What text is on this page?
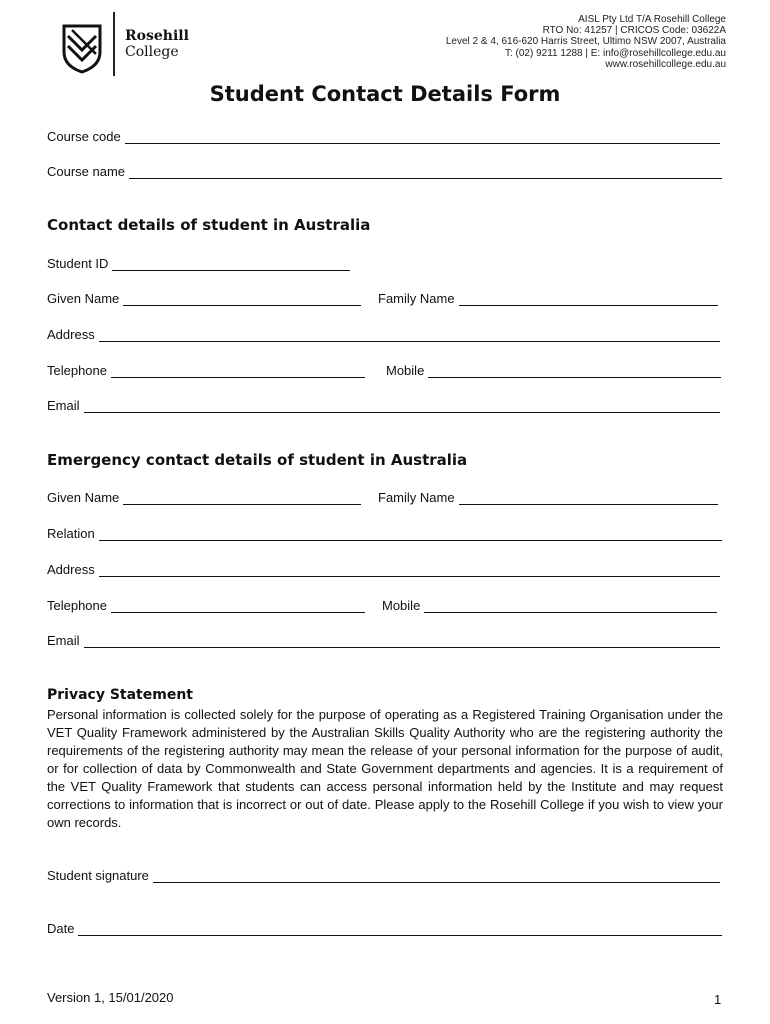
Rosehill
College
AISL Pty Ltd T/A Rosehill College
RTO No: 41257 | CRICOS Code: 03622A
Level 2 & 4, 616-620 Harris Street, Ultimo NSW 2007, Australia
T: (02) 9211 1288 | E: info@rosehillcollege.edu.au
www.rosehillcollege.edu.au
Student Contact Details Form
Course code
Course name
Contact details of student in Australia
Student ID
Given Name	Family Name
Address
Telephone	Mobile
Email
Emergency contact details of student in Australia
Given Name	Family Name
Relation
Address
Telephone	Mobile
Email
Privacy Statement
Personal information is collected solely for the purpose of operating as a Registered Training Organisation under the VET Quality Framework administered by the Australian Skills Quality Authority who are the registering authority the requirements of the registering authority may mean the release of your personal information for the purpose of audit, or for collection of data by Commonwealth and State Government departments and agencies. It is a requirement of the VET Quality Framework that students can access personal information held by the Institute and may request corrections to information that is incorrect or out of date. Please apply to the Rosehill College if you wish to view your own records.
Student signature
Date
Version 1, 15/01/2020	1
